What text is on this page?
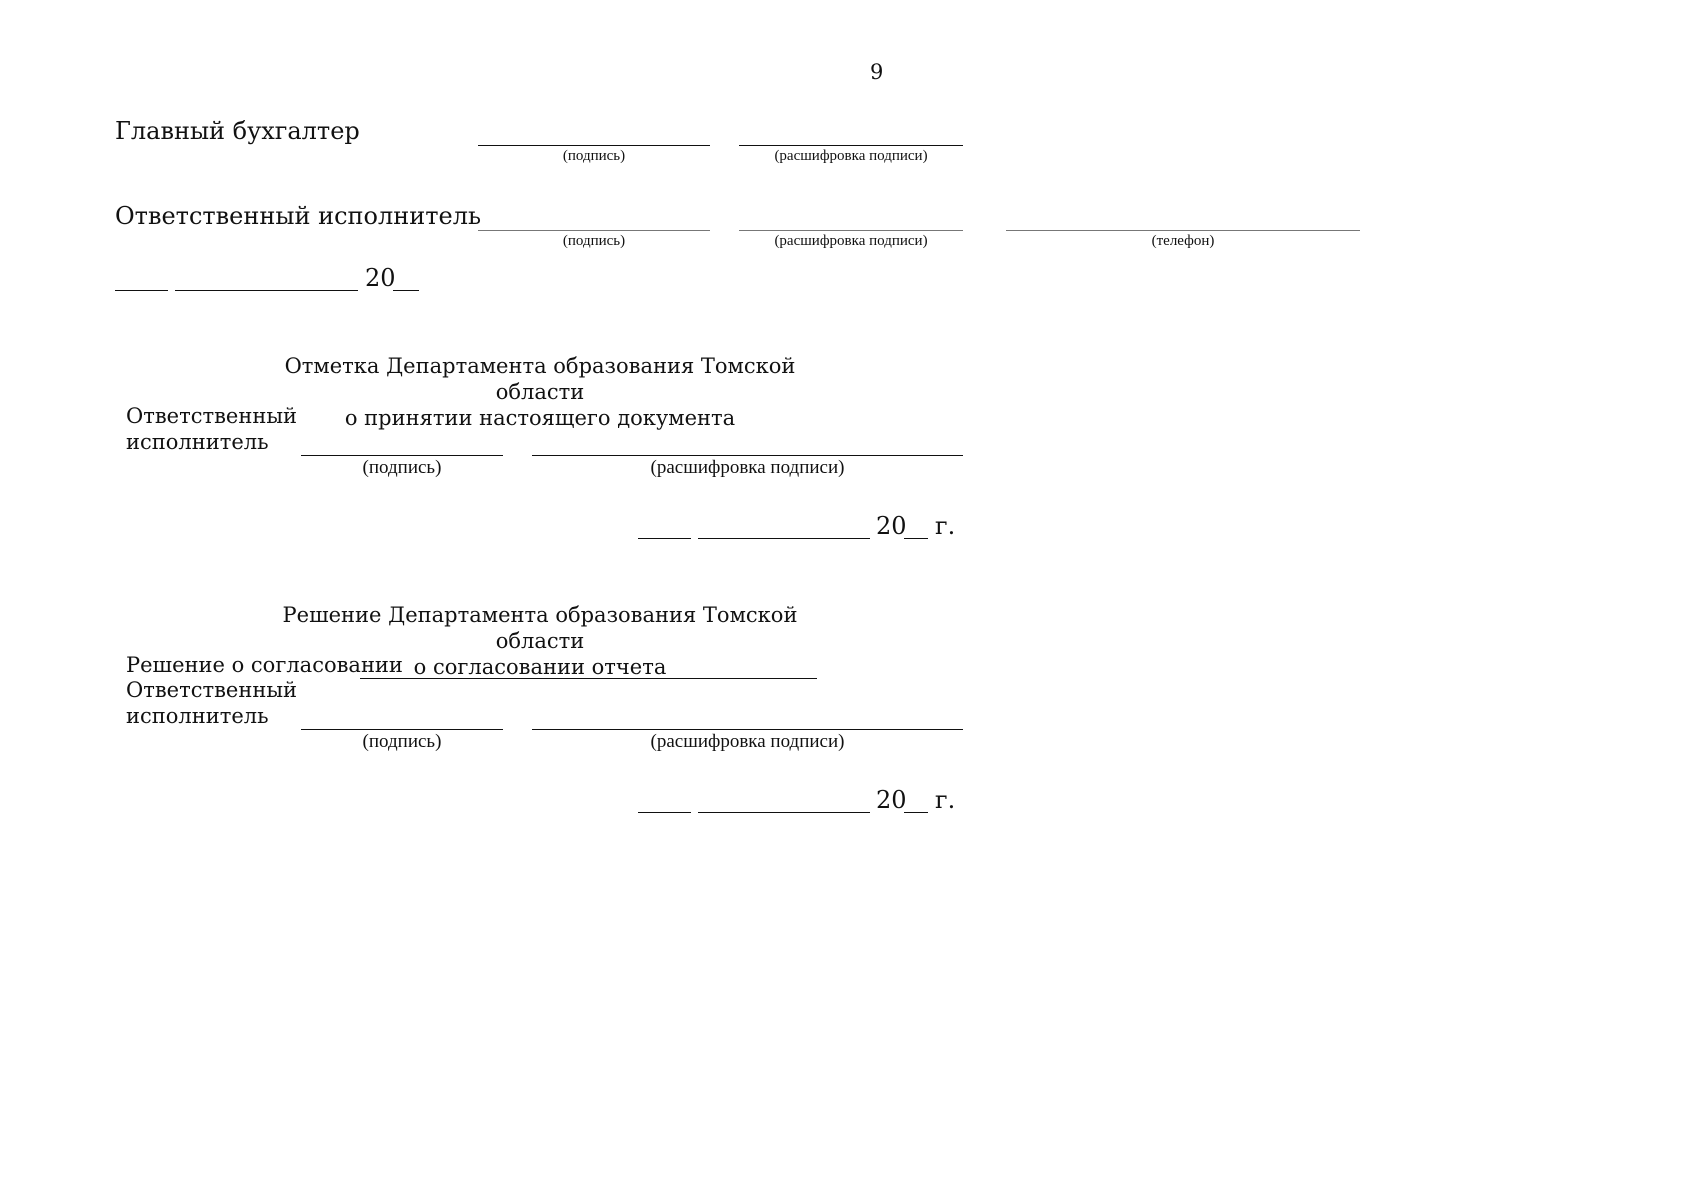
9
Главный бухгалтер
(подпись)	(расшифровка подписи)
Ответственный исполнитель
(подпись)	(расшифровка подписи)	(телефон)
20
Отметка Департамента образования Томской области
о принятии настоящего документа
Ответственный
исполнитель
(подпись)	(расшифровка подписи)
20 г.
Решение Департамента образования Томской области
о согласовании отчета
Решение о согласовании
Ответственный
исполнитель
(подпись)	(расшифровка подписи)
20 г.
